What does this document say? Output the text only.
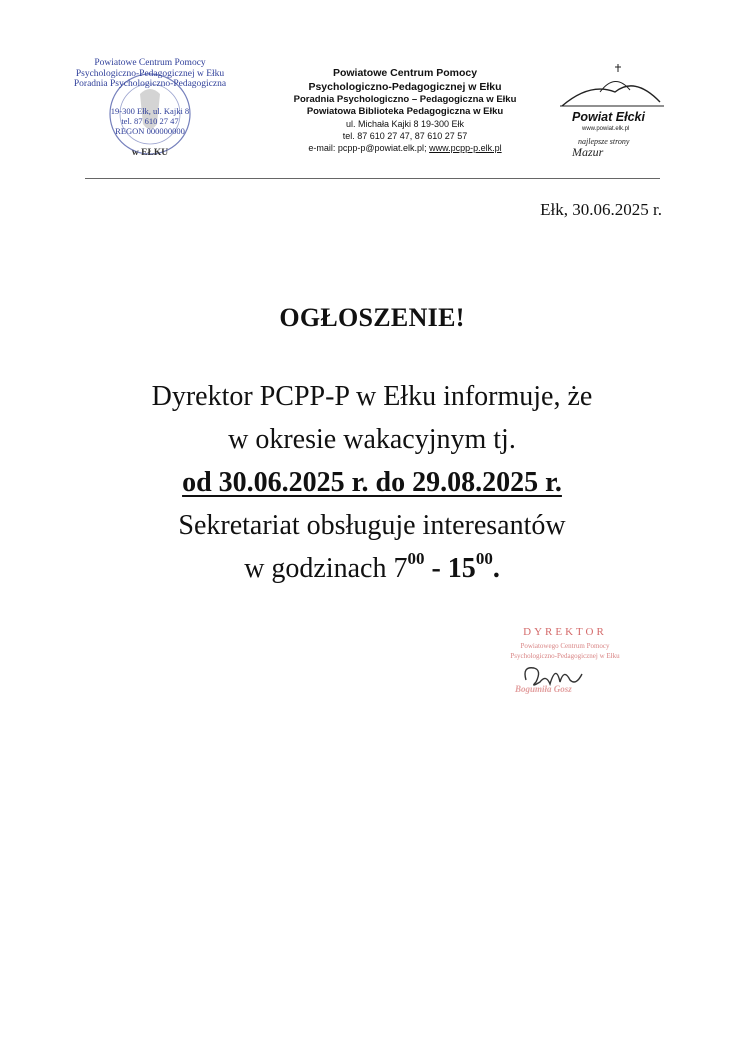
Powiatowe Centrum Pomocy
Psychologiczno-Pedagogicznej w Ełku
Poradnia Psychologiczno-Pedagogiczna
19-300 Ełk, ul. Kajki 8
tel. 87 610 27 47
REGON 000000000
w EŁKU
Powiatowe Centrum Pomocy
Psychologiczno-Pedagogicznej w Ełku
Poradnia Psychologiczno – Pedagogiczna w Ełku
Powiatowa Biblioteka Pedagogiczna w Ełku
ul. Michała Kajki 8 19-300 Ełk
tel. 87 610 27 47, 87 610 27 57
e-mail: pcpp-p@powiat.elk.pl; www.pcpp-p.elk.pl
Powiat Ełcki
www.powiat.elk.pl
najlepsze strony
Mazur
Ełk, 30.06.2025 r.
OGŁOSZENIE!
Dyrektor PCPP-P w Ełku informuje, że
w okresie wakacyjnym tj.
od 30.06.2025 r. do 29.08.2025 r.
Sekretariat obsługuje interesantów
w godzinach $7^{00} - 15^{00}$.
DYREKTOR
Powiatowego Centrum Pomocy
Psychologiczno-Pedagogicznej w Ełku
Bogumiła Gosz
